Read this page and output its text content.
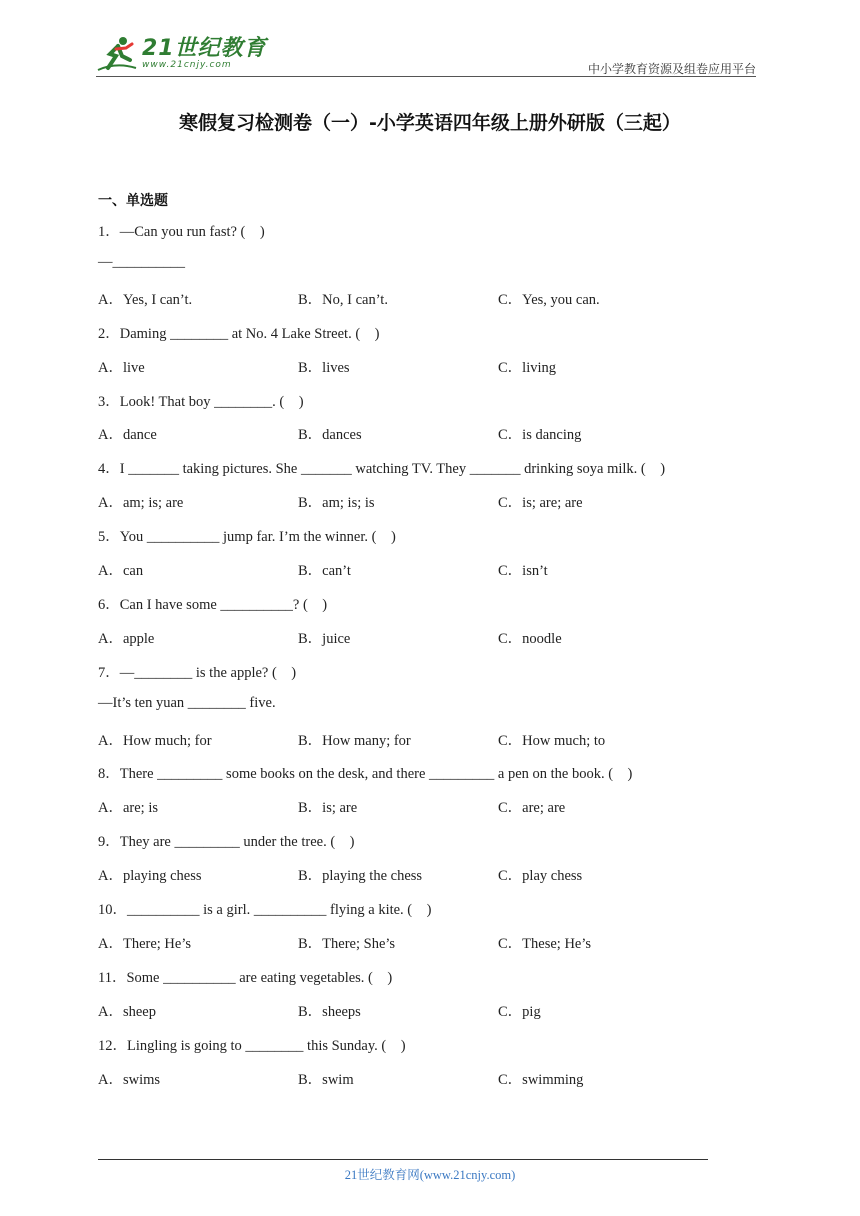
21世纪教育
www.21cnjy.com	中小学教育资源及组卷应用平台
寒假复习检测卷（一）-小学英语四年级上册外研版（三起）
一、单选题
1．—Can you run fast? (　)
—__________
A．Yes, I can’t.	B．No, I can’t.	C．Yes, you can.
2．Daming ________ at No. 4 Lake Street. (　)
A．live	B．lives	C．living
3．Look! That boy ________. (　)
A．dance	B．dances	C．is dancing
4．I _______ taking pictures. She _______ watching TV. They _______ drinking soya milk. (　)
A．am; is; are	B．am; is; is	C．is; are; are
5．You __________ jump far. I’m the winner. (　)
A．can	B．can’t	C．isn’t
6．Can I have some __________? (　)
A．apple	B．juice	C．noodle
7．—________ is the apple? (　)
—It’s ten yuan ________ five.
A．How much; for	B．How many; for	C．How much; to
8．There _________ some books on the desk, and there _________ a pen on the book. (　)
A．are; is	B．is; are	C．are; are
9．They are _________ under the tree. (　)
A．playing chess	B．playing the chess	C．play chess
10．__________ is a girl. __________ flying a kite. (　)
A．There; He’s	B．There; She’s	C．These; He’s
11．Some __________ are eating vegetables. (　)
A．sheep	B．sheeps	C．pig
12．Lingling is going to ________ this Sunday. (　)
A．swims	B．swim	C．swimming
21世纪教育网(www.21cnjy.com)
